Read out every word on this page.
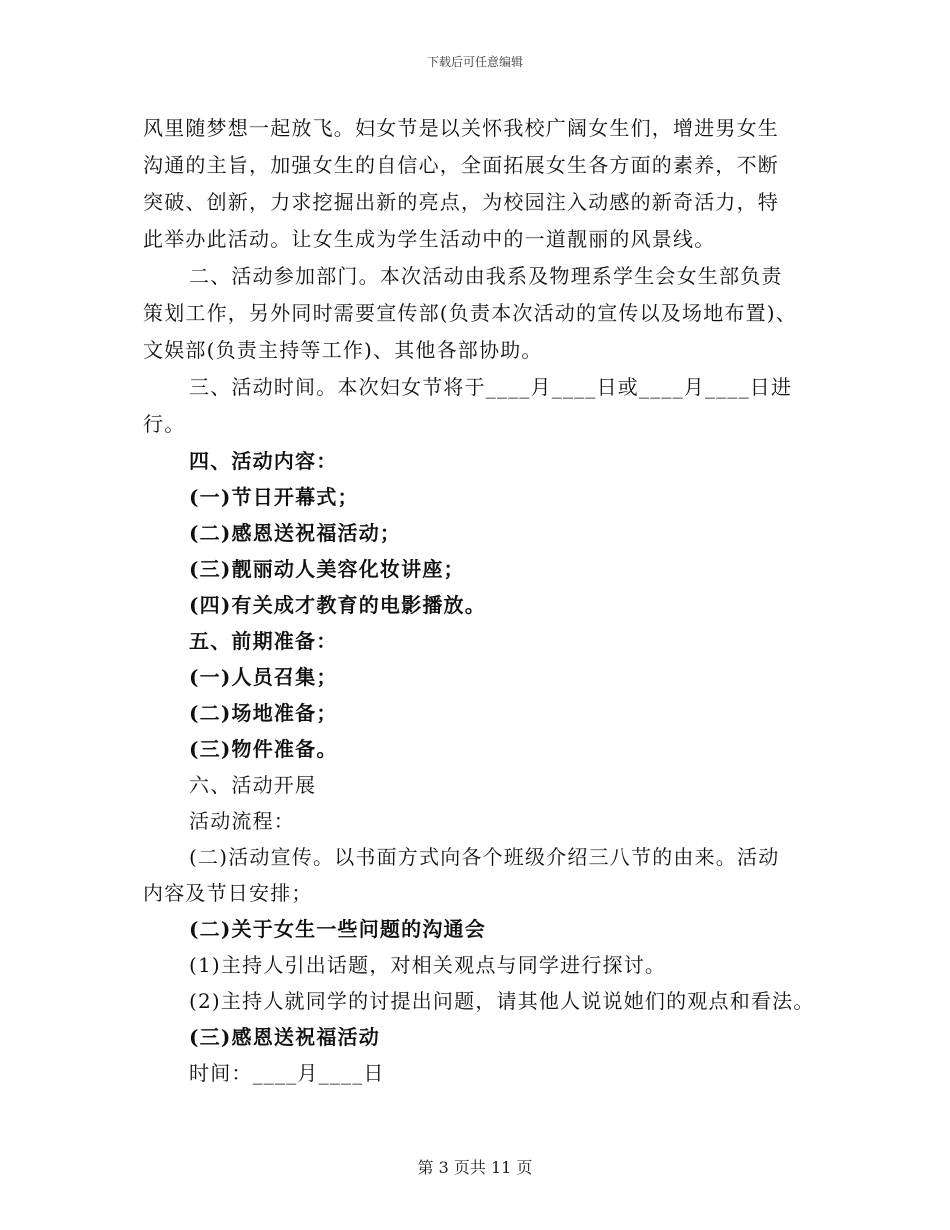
下载后可任意编辑
风里随梦想一起放飞。妇女节是以关怀我校广阔女生们，增进男女生
沟通的主旨，加强女生的自信心，全面拓展女生各方面的素养，不断
突破、创新，力求挖掘出新的亮点，为校园注入动感的新奇活力，特
此举办此活动。让女生成为学生活动中的一道靓丽的风景线。
二、活动参加部门。本次活动由我系及物理系学生会女生部负责
策划工作，另外同时需要宣传部(负责本次活动的宣传以及场地布置)、
文娱部(负责主持等工作)、其他各部协助。
三、活动时间。本次妇女节将于____月____日或____月____日进
行。
四、活动内容：
(一)节日开幕式；
(二)感恩送祝福活动；
(三)靓丽动人美容化妆讲座；
(四)有关成才教育的电影播放。
五、前期准备：
(一)人员召集；
(二)场地准备；
(三)物件准备。
六、活动开展
活动流程：
(二)活动宣传。以书面方式向各个班级介绍三八节的由来。活动
内容及节日安排；
(二)关于女生一些问题的沟通会
(1)主持人引出话题，对相关观点与同学进行探讨。
(2)主持人就同学的讨提出问题，请其他人说说她们的观点和看法。
(三)感恩送祝福活动
时间：____月____日
第 3 页共 11 页
